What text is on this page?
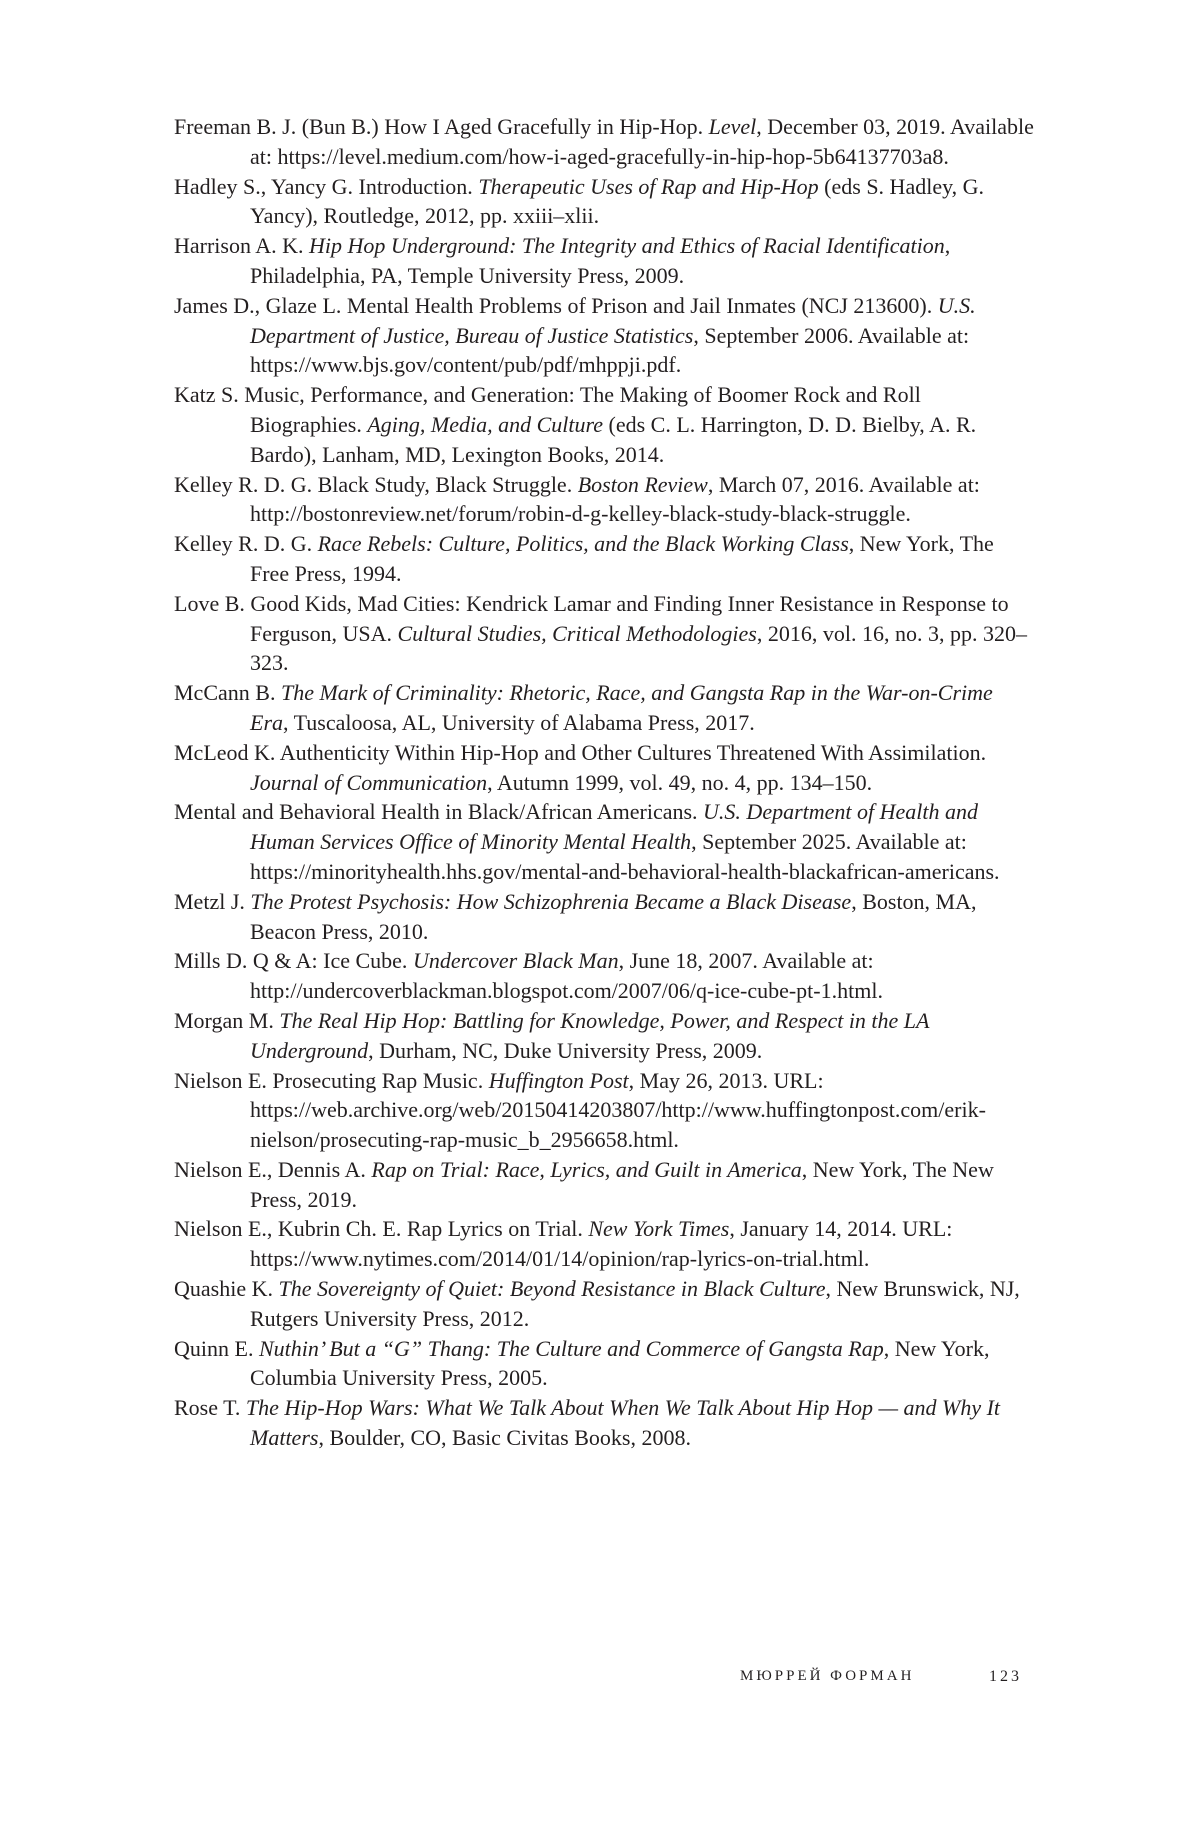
Freeman B. J. (Bun B.) How I Aged Gracefully in Hip-Hop. Level, December 03, 2019. Available at: https://level.medium.com/how-i-aged-gracefully-in-hip-hop-5b64137703a8.

Hadley S., Yancy G. Introduction. Therapeutic Uses of Rap and Hip-Hop (eds S. Hadley, G. Yancy), Routledge, 2012, pp. xxiii–xlii.

Harrison A. K. Hip Hop Underground: The Integrity and Ethics of Racial Identification, Philadelphia, PA, Temple University Press, 2009.

James D., Glaze L. Mental Health Problems of Prison and Jail Inmates (NCJ 213600). U.S. Department of Justice, Bureau of Justice Statistics, September 2006. Available at: https://www.bjs.gov/content/pub/pdf/mhppji.pdf.

Katz S. Music, Performance, and Generation: The Making of Boomer Rock and Roll Biographies. Aging, Media, and Culture (eds C. L. Harrington, D. D. Bielby, A. R. Bardo), Lanham, MD, Lexington Books, 2014.

Kelley R. D. G. Black Study, Black Struggle. Boston Review, March 07, 2016. Available at: http://bostonreview.net/forum/robin-d-g-kelley-black-study-black-struggle.

Kelley R. D. G. Race Rebels: Culture, Politics, and the Black Working Class, New York, The Free Press, 1994.

Love B. Good Kids, Mad Cities: Kendrick Lamar and Finding Inner Resistance in Response to Ferguson, USA. Cultural Studies, Critical Methodologies, 2016, vol. 16, no. 3, pp. 320–323.

McCann B. The Mark of Criminality: Rhetoric, Race, and Gangsta Rap in the War-on-Crime Era, Tuscaloosa, AL, University of Alabama Press, 2017.

McLeod K. Authenticity Within Hip-Hop and Other Cultures Threatened With Assimilation. Journal of Communication, Autumn 1999, vol. 49, no. 4, pp. 134–150.

Mental and Behavioral Health in Black/African Americans. U.S. Department of Health and Human Services Office of Minority Mental Health, September 2025. Available at: https://minorityhealth.hhs.gov/mental-and-behavioral-health-blackafrican-americans.

Metzl J. The Protest Psychosis: How Schizophrenia Became a Black Disease, Boston, MA, Beacon Press, 2010.

Mills D. Q & A: Ice Cube. Undercover Black Man, June 18, 2007. Available at: http://undercoverblackman.blogspot.com/2007/06/q-ice-cube-pt-1.html.

Morgan M. The Real Hip Hop: Battling for Knowledge, Power, and Respect in the LA Underground, Durham, NC, Duke University Press, 2009.

Nielson E. Prosecuting Rap Music. Huffington Post, May 26, 2013. URL: https://web.archive.org/web/20150414203807/http://www.huffingtonpost.com/erik-nielson/prosecuting-rap-music_b_2956658.html.

Nielson E., Dennis A. Rap on Trial: Race, Lyrics, and Guilt in America, New York, The New Press, 2019.

Nielson E., Kubrin Ch. E. Rap Lyrics on Trial. New York Times, January 14, 2014. URL: https://www.nytimes.com/2014/01/14/opinion/rap-lyrics-on-trial.html.

Quashie K. The Sovereignty of Quiet: Beyond Resistance in Black Culture, New Brunswick, NJ, Rutgers University Press, 2012.

Quinn E. Nuthin’ But a “G” Thang: The Culture and Commerce of Gangsta Rap, New York, Columbia University Press, 2005.

Rose T. The Hip-Hop Wars: What We Talk About When We Talk About Hip Hop — and Why It Matters, Boulder, CO, Basic Civitas Books, 2008.

МЮРРЕЙ ФОРМАН	123
